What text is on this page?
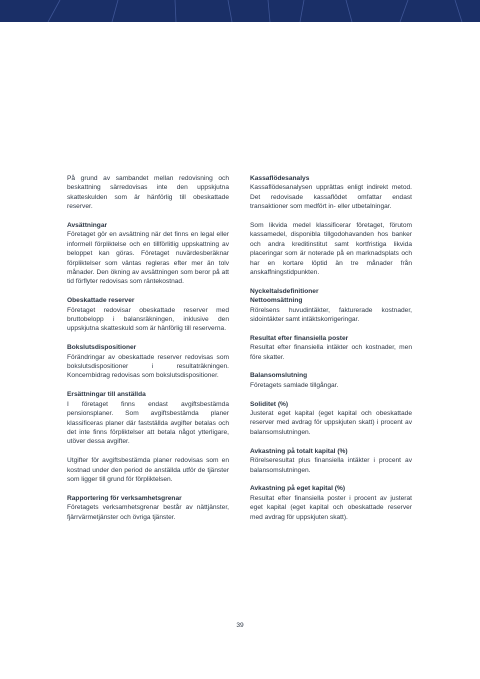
På grund av sambandet mellan redovisning och beskattning särredovisas inte den uppskjutna skatteskulden som är hänförlig till obeskattade reserver.

Avsättningar

Företaget gör en avsättning när det finns en legal eller informell förpliktelse och en tillförlitlig uppskattning av beloppet kan göras. Företaget nuvärdesberäknar förpliktelser som väntas regleras efter mer än tolv månader. Den ökning av avsättningen som beror på att tid förflyter redovisas som räntekostnad.

Obeskattade reserver

Företaget redovisar obeskattade reserver med bruttobelopp i balansräkningen, inklusive den uppskjutna skatteskuld som är hänförlig till reserverna.

Bokslutsdispositioner

Förändringar av obeskattade reserver redovisas som bokslutsdispositioner i resultaträkningen. Koncernbidrag redovisas som bokslutsdispositioner.

Ersättningar till anställda

I företaget finns endast avgiftsbestämda pensionsplaner. Som avgiftsbestämda planer klassificeras planer där fastställda avgifter betalas och det inte finns förpliktelser att betala något ytterligare, utöver dessa avgifter.

Utgifter för avgiftsbestämda planer redovisas som en kostnad under den period de anställda utför de tjänster som ligger till grund för förpliktelsen.

Rapportering för verksamhetsgrenar

Företagets verksamhetsgrenar består av nättjänster, fjärrvärmetjänster och övriga tjänster.

Kassaflödesanalys

Kassaflödesanalysen upprättas enligt indirekt metod. Det redovisade kassaflödet omfattar endast transaktioner som medfört in- eller utbetalningar.

Som likvida medel klassificerar företaget, förutom kassamedel, disponibla tillgodohavanden hos banker och andra kreditinstitut samt kortfristiga likvida placeringar som är noterade på en marknadsplats och har en kortare löptid än tre månader från anskaffningstidpunkten.

Nyckeltalsdefinitioner

Nettoomsättning

Rörelsens huvudintäkter, fakturerade kostnader, sidointäkter samt intäktskorrigeringar.

Resultat efter finansiella poster

Resultat efter finansiella intäkter och kostnader, men före skatter.

Balansomslutning

Företagets samlade tillgångar.

Soliditet (%)

Justerat eget kapital (eget kapital och obeskattade reserver med avdrag för uppskjuten skatt) i procent av balansomslutningen.

Avkastning på totalt kapital (%)

Rörelseresultat plus finansiella intäkter i procent av balansomslutningen.

Avkastning på eget kapital (%)

Resultat efter finansiella poster i procent av justerat eget kapital (eget kapital och obeskattade reserver med avdrag för uppskjuten skatt).

39
